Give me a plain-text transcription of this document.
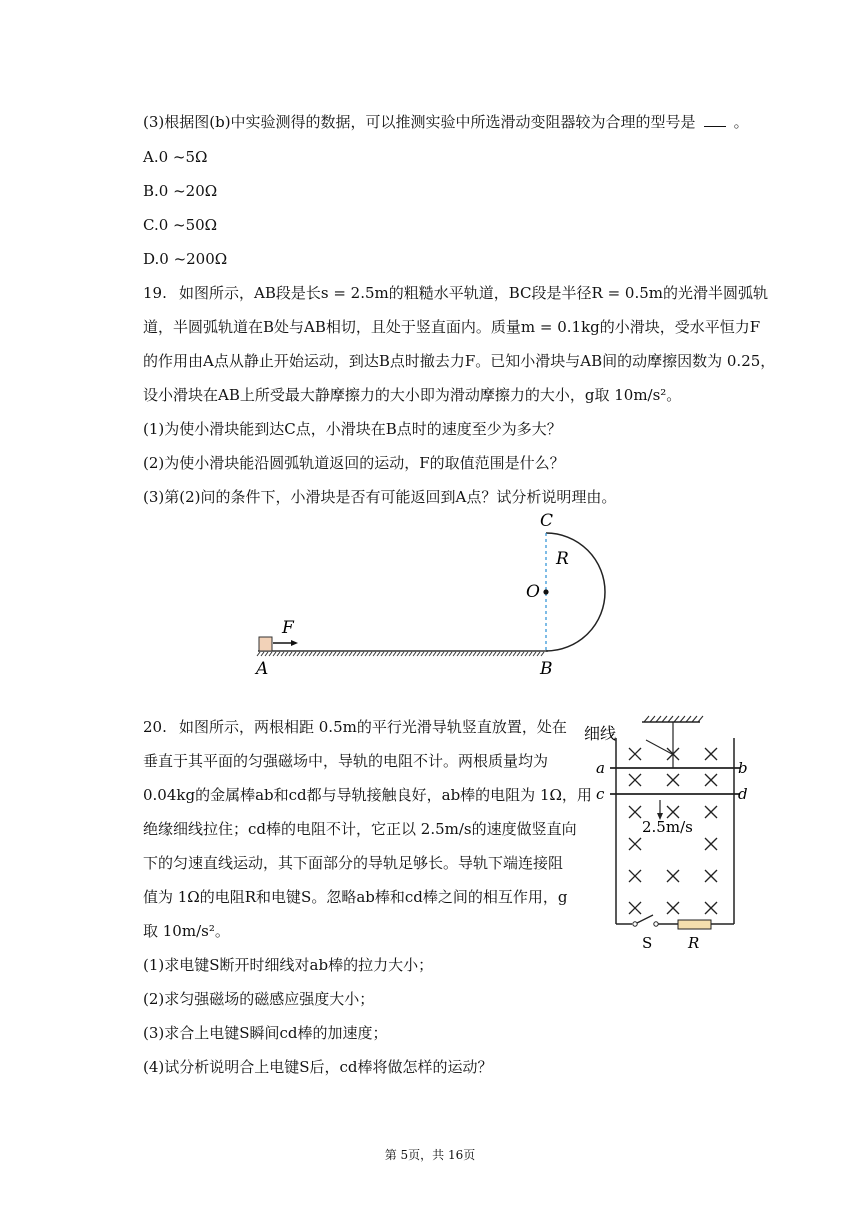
(3)根据图(b)中实验测得的数据，可以推测实验中所选滑动变阻器较为合理的型号是	。
A.0 ~5Ω
B.0 ~20Ω
C.0 ~50Ω
D.0 ~200Ω
19. 如图所示，AB段是长s = 2.5m的粗糙水平轨道，BC段是半径R = 0.5m的光滑半圆弧轨
道，半圆弧轨道在B处与AB相切，且处于竖直面内。质量m = 0.1kg的小滑块，受水平恒力F
的作用由A点从静止开始运动，到达B点时撤去力F。已知小滑块与AB间的动摩擦因数为 0.25，
设小滑块在AB上所受最大静摩擦力的大小即为滑动摩擦力的大小，g取 10m/s²。
(1)为使小滑块能到达C点，小滑块在B点时的速度至少为多大？
(2)为使小滑块能沿圆弧轨道返回的运动，F的取值范围是什么？
(3)第(2)问的条件下，小滑块是否有可能返回到A点？试分析说明理由。
F
A	B
C
O
R
20. 如图所示，两根相距 0.5m的平行光滑导轨竖直放置，处在
垂直于其平面的匀强磁场中，导轨的电阻不计。两根质量均为
0.04kg的金属棒ab和cd都与导轨接触良好，ab棒的电阻为 1Ω，用
绝缘细线拉住；cd棒的电阻不计，它正以 2.5m/s的速度做竖直向
下的匀速直线运动，其下面部分的导轨足够长。导轨下端连接阻
值为 1Ω的电阻R和电键S。忽略ab棒和cd棒之间的相互作用，g
取 10m/s²。
(1)求电键S断开时细线对ab棒的拉力大小；
(2)求匀强磁场的磁感应强度大小；
(3)求合上电键S瞬间cd棒的加速度；
(4)试分析说明合上电键S后，cd棒将做怎样的运动？
细线
a	b
c	d
2.5m/s
S R
第 5页，共 16页
